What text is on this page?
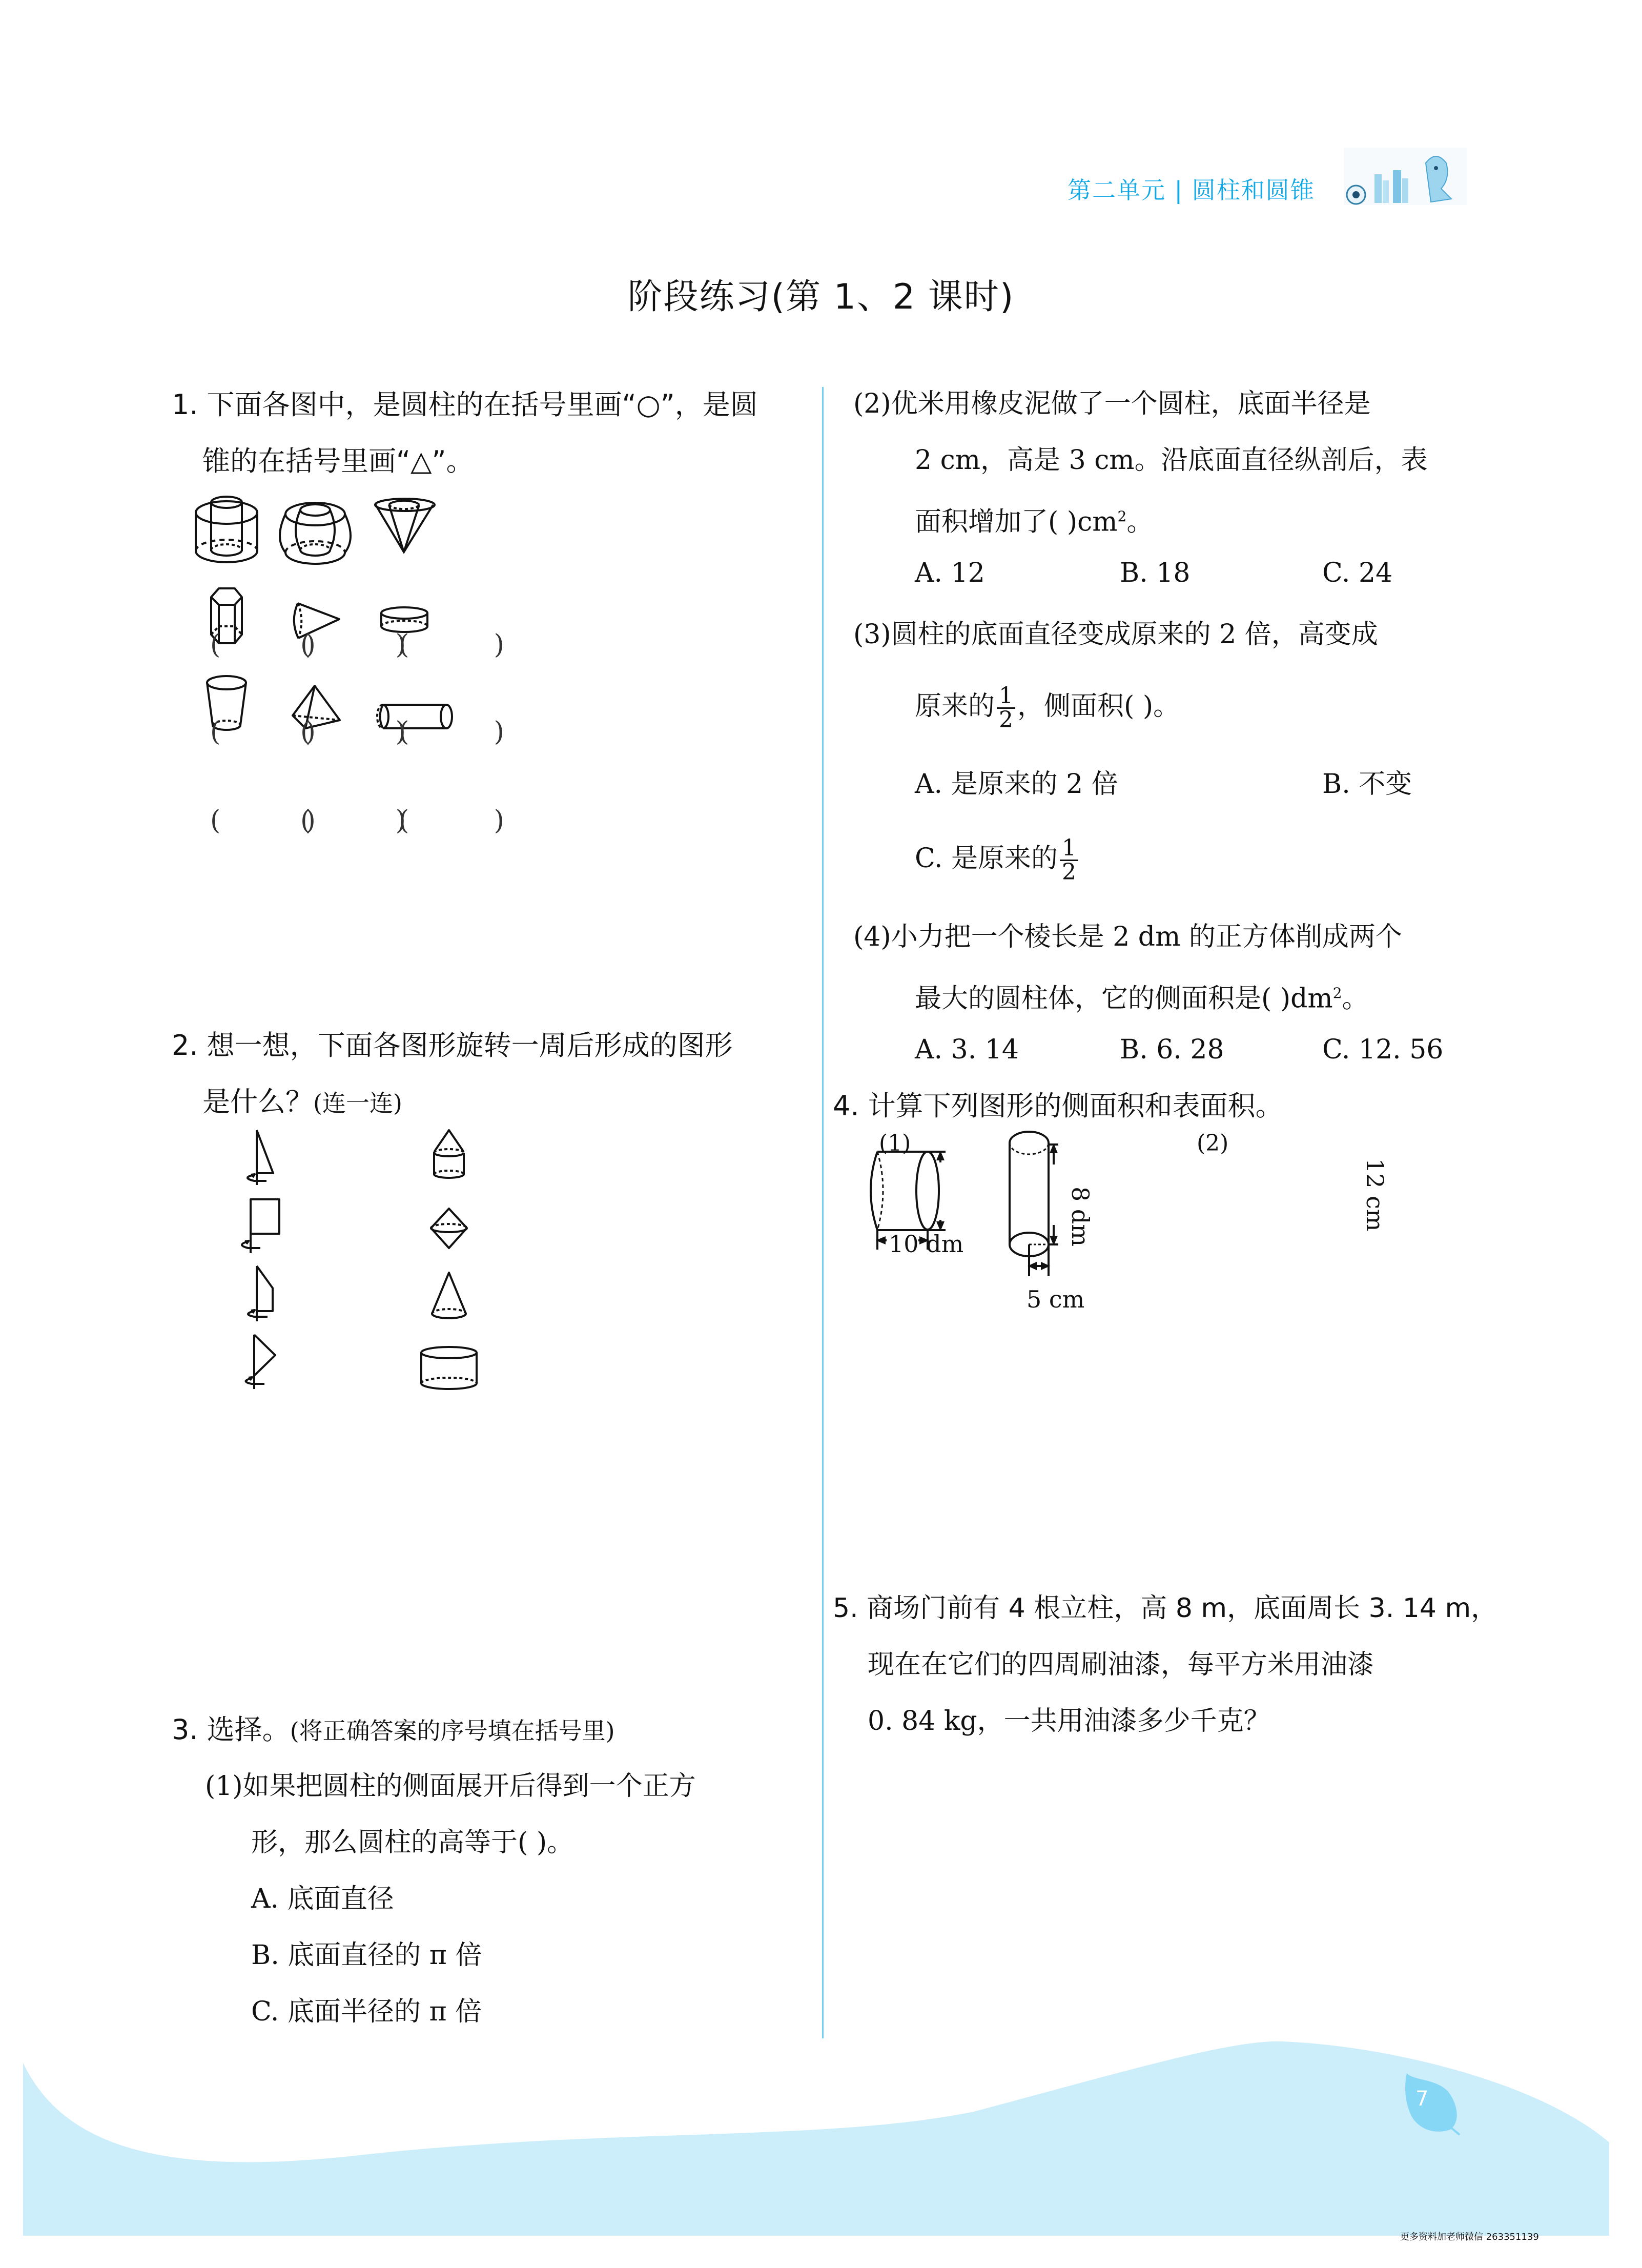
第二单元 | 圆柱和圆锥
阶段练习(第 1、2 课时)
1. 下面各图中，是圆柱的在括号里画“○”，是圆
锥的在括号里画“△”。
(          )
(          )
(          )
(          )
(          )
(          )
(          )
(          )
(          )
2. 想一想，下面各图形旋转一周后形成的图形
是什么？(连一连)
3. 选择。(将正确答案的序号填在括号里)
(1)如果把圆柱的侧面展开后得到一个正方
形，那么圆柱的高等于( )。
A. 底面直径
B. 底面直径的 π 倍
C. 底面半径的 π 倍
(2)优米用橡皮泥做了一个圆柱，底面半径是
2 cm，高是 3 cm。沿底面直径纵剖后，表
面积增加了( )$cm^2$。
A. 12	B. 18	C. 24
(3)圆柱的底面直径变成原来的 2 倍，高变成
原来的 $\frac{1}{2}$ ，侧面积( )。
A. 是原来的 2 倍	B. 不变
C. 是原来的 $\frac{1}{2}$
(4)小力把一个棱长是 2 dm 的正方体削成两个
最大的圆柱体，它的侧面积是( )$dm^2$。
A. 3. 14	B. 6. 28	C. 12. 56
4. 计算下列图形的侧面积和表面积。
(1)	(2)
10 dm	8 dm	12 cm
5 cm
5. 商场门前有 4 根立柱，高 8 m，底面周长 3. 14 m，
现在在它们的四周刷油漆，每平方米用油漆
0. 84 kg，一共用油漆多少千克？
7
更多资料加老师微信 263351139
